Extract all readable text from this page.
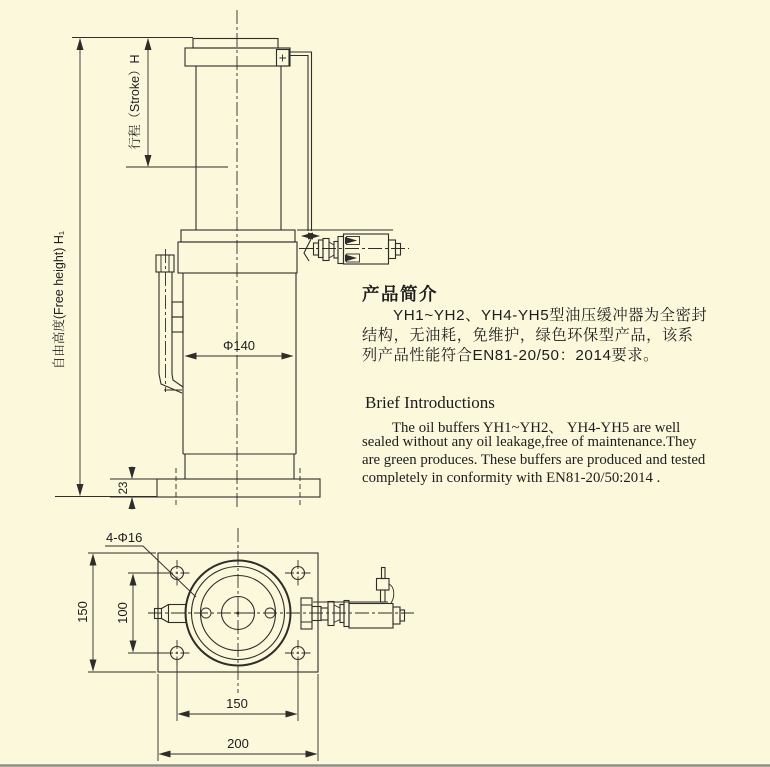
自由高度(Free height) H₁
行程（Stroke）H
Φ140
23
4-Φ16
150 100
150
200
产品简介
YH1~YH2、YH4-YH5型油压缓冲器为全密封
结构，无油耗，免维护，绿色环保型产品，该系
列产品性能符合EN81-20/50：2014要求。
Brief Introductions
The oil buffers YH1~YH2、 YH4-YH5 are well
sealed without any oil leakage,free of maintenance.They
are green produces. These buffers are produced and tested
completely in conformity with EN81-20/50:2014 .
